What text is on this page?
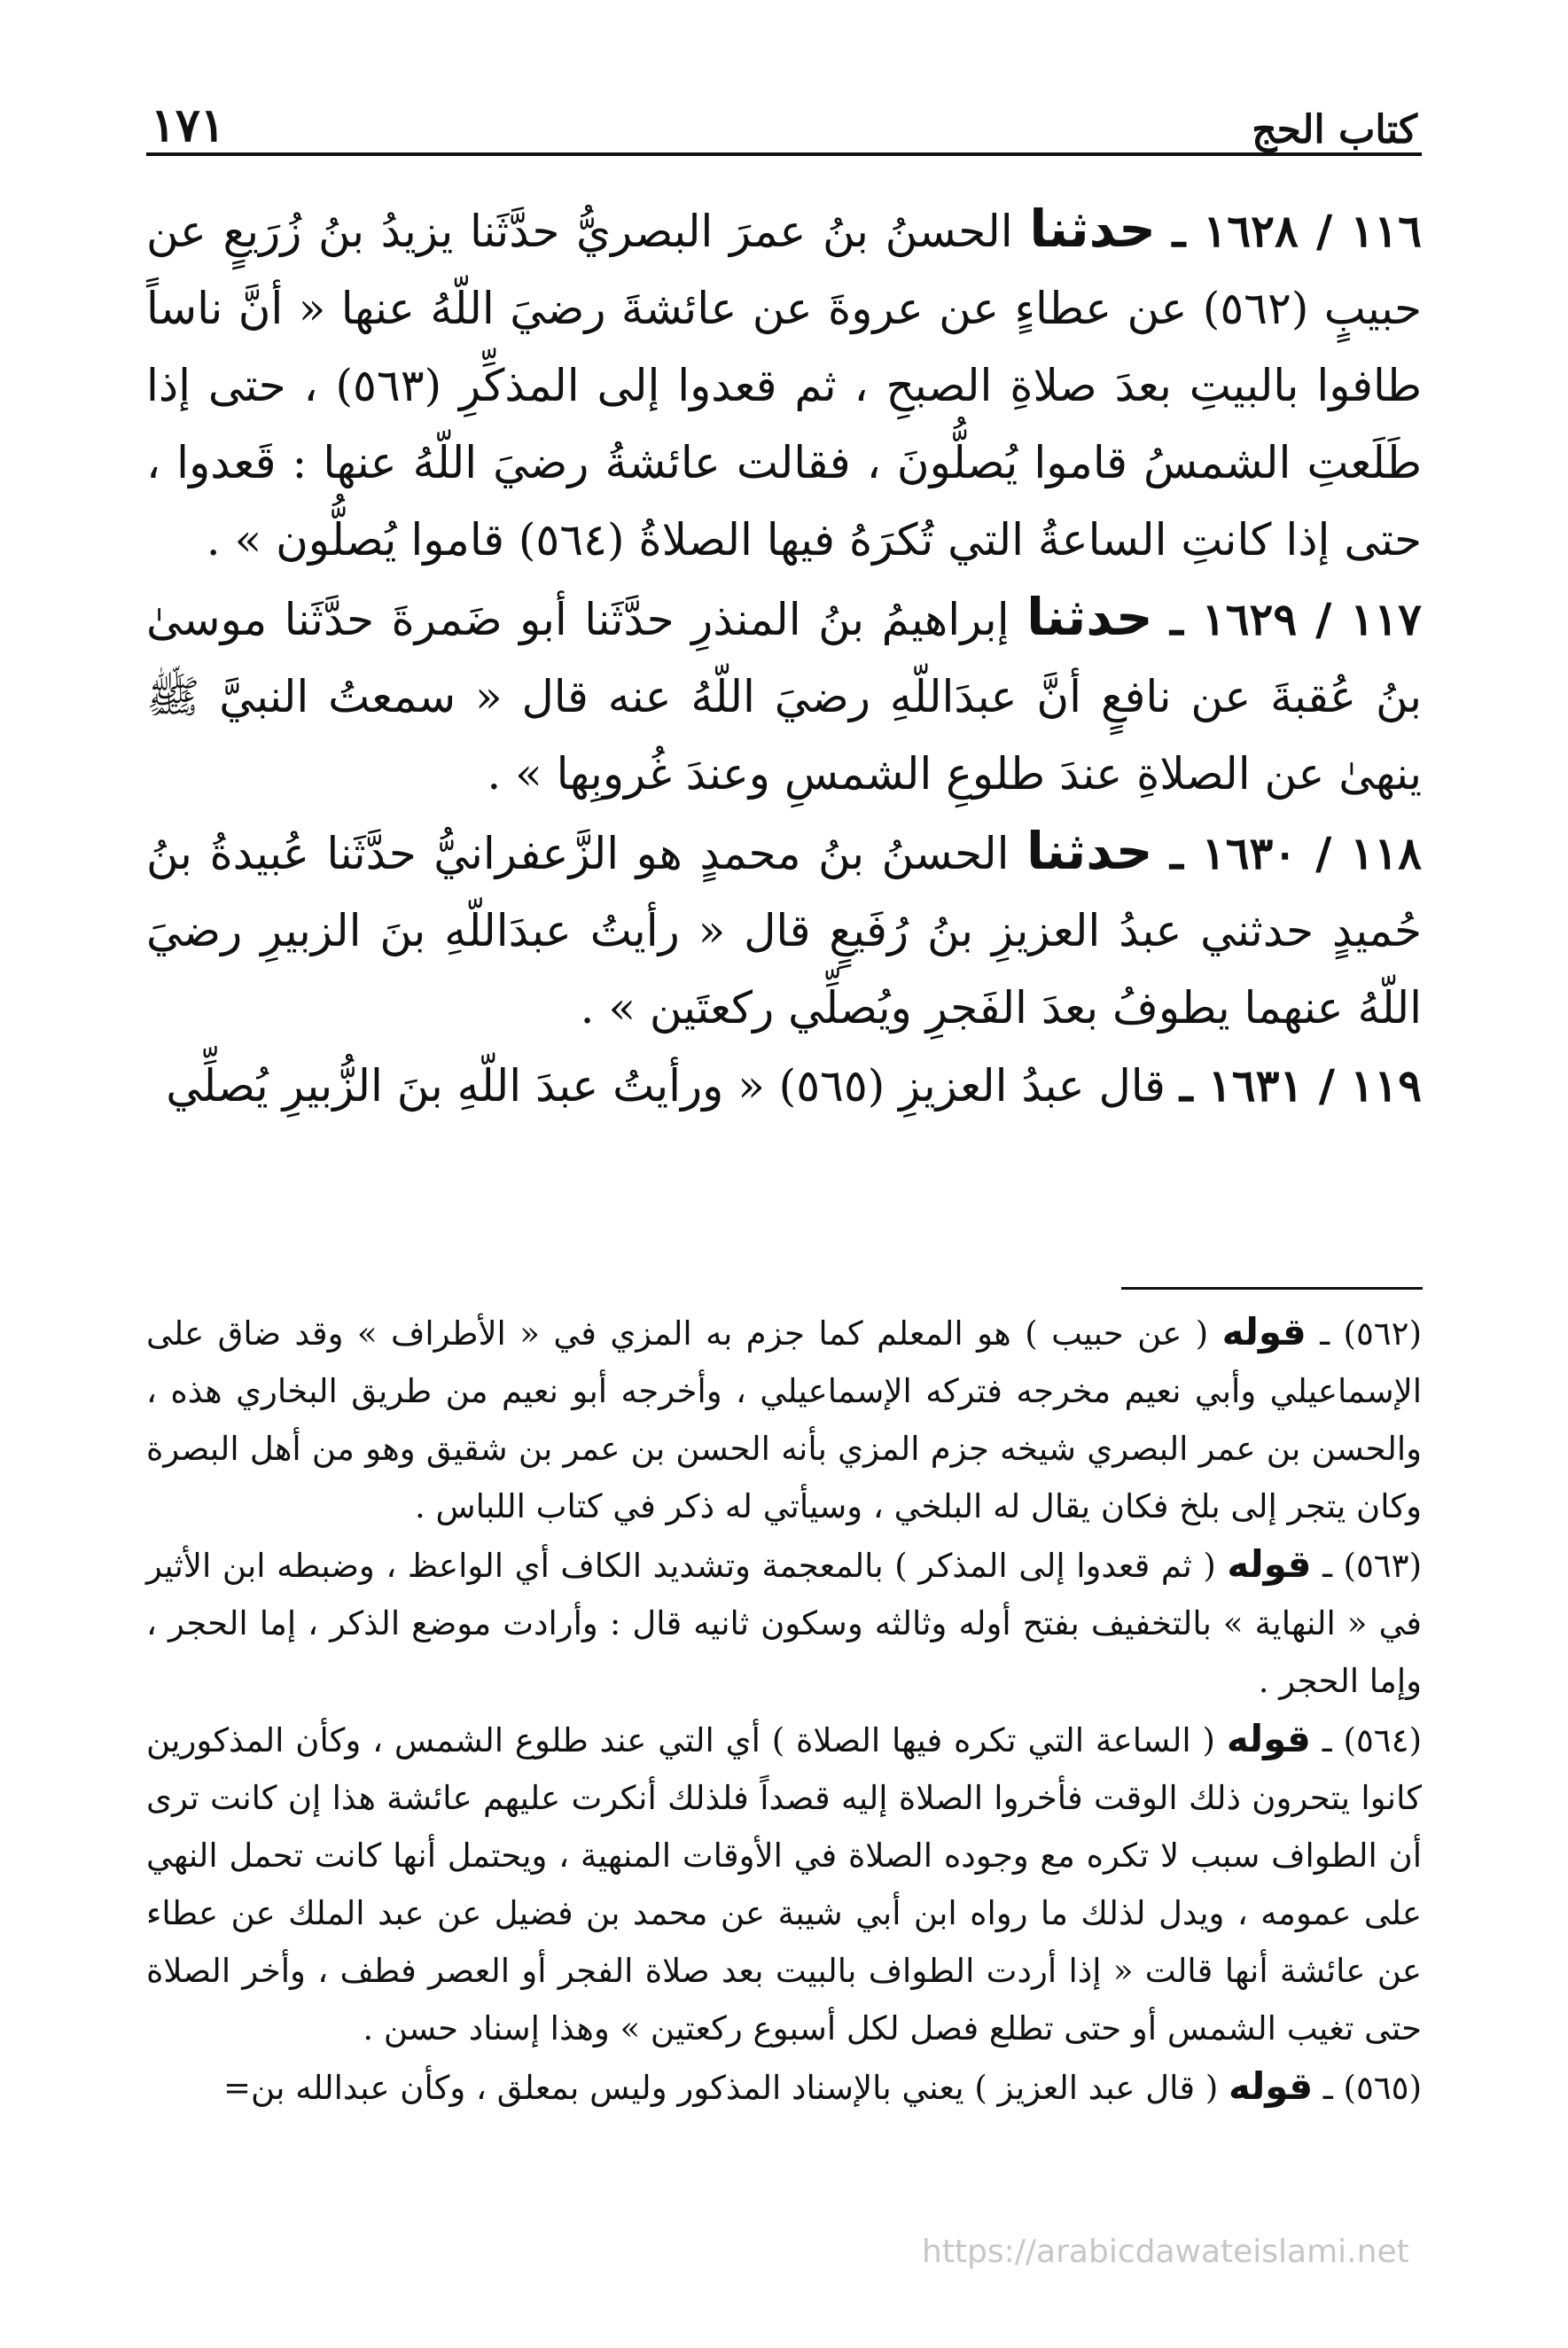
كتاب الحج
١٧١

١١٦ / ١٦٢٨ ـ حدثنا الحسنُ بنُ عمرَ البصريُّ حدَّثَنا يزيدُ بنُ زُرَيعٍ عن حبيبٍ (٥٦٢) عن عطاءٍ عن عروةَ عن عائشةَ رضيَ اللّهُ عنها « أنَّ ناساً طافوا بالبيتِ بعدَ صلاةِ الصبحِ ، ثم قعدوا إلى المذكِّرِ (٥٦٣) ، حتى إذا طَلَعتِ الشمسُ قاموا يُصلُّونَ ، فقالت عائشةُ رضيَ اللّهُ عنها : قَعدوا ، حتى إذا كانتِ الساعةُ التي تُكرَهُ فيها الصلاةُ (٥٦٤) قاموا يُصلُّون » .

١١٧ / ١٦٢٩ ـ حدثنا إبراهيمُ بنُ المنذرِ حدَّثَنا أبو ضَمرةَ حدَّثَنا موسىٰ بنُ عُقبةَ عن نافعٍ أنَّ عبدَاللّهِ رضيَ اللّهُ عنه قال « سمعتُ النبيَّ ﷺ ينهىٰ عن الصلاةِ عندَ طلوعِ الشمسِ وعندَ غُروبِها » .

١١٨ / ١٦٣٠ ـ حدثنا الحسنُ بنُ محمدٍ هو الزَّعفرانيُّ حدَّثَنا عُبيدةُ بنُ حُميدٍ حدثني عبدُ العزيزِ بنُ رُفَيعٍ قال « رأيتُ عبدَاللّهِ بنَ الزبيرِ رضيَ اللّهُ عنهما يطوفُ بعدَ الفَجرِ ويُصلِّي ركعتَين » .

١١٩ / ١٦٣١ ـ قال عبدُ العزيزِ (٥٦٥) « ورأيتُ عبدَ اللّهِ بنَ الزُّبيرِ يُصلِّي

(٥٦٢) ـ قوله ( عن حبيب ) هو المعلم كما جزم به المزي في « الأطراف » وقد ضاق على الإسماعيلي وأبي نعيم مخرجه فتركه الإسماعيلي ، وأخرجه أبو نعيم من طريق البخاري هذه ، والحسن بن عمر البصري شيخه جزم المزي بأنه الحسن بن عمر بن شقيق وهو من أهل البصرة وكان يتجر إلى بلخ فكان يقال له البلخي ، وسيأتي له ذكر في كتاب اللباس .

(٥٦٣) ـ قوله ( ثم قعدوا إلى المذكر ) بالمعجمة وتشديد الكاف أي الواعظ ، وضبطه ابن الأثير في « النهاية » بالتخفيف بفتح أوله وثالثه وسكون ثانيه قال : وأرادت موضع الذكر ، إما الحجر ، وإما الحجر .

(٥٦٤) ـ قوله ( الساعة التي تكره فيها الصلاة ) أي التي عند طلوع الشمس ، وكأن المذكورين كانوا يتحرون ذلك الوقت فأخروا الصلاة إليه قصداً فلذلك أنكرت عليهم عائشة هذا إن كانت ترى أن الطواف سبب لا تكره مع وجوده الصلاة في الأوقات المنهية ، ويحتمل أنها كانت تحمل النهي على عمومه ، ويدل لذلك ما رواه ابن أبي شيبة عن محمد بن فضيل عن عبد الملك عن عطاء عن عائشة أنها قالت « إذا أردت الطواف بالبيت بعد صلاة الفجر أو العصر فطف ، وأخر الصلاة حتى تغيب الشمس أو حتى تطلع فصل لكل أسبوع ركعتين » وهذا إسناد حسن .

(٥٦٥) ـ قوله ( قال عبد العزيز ) يعني بالإسناد المذكور وليس بمعلق ، وكأن عبدالله بن=

https://arabicdawateislami.net
